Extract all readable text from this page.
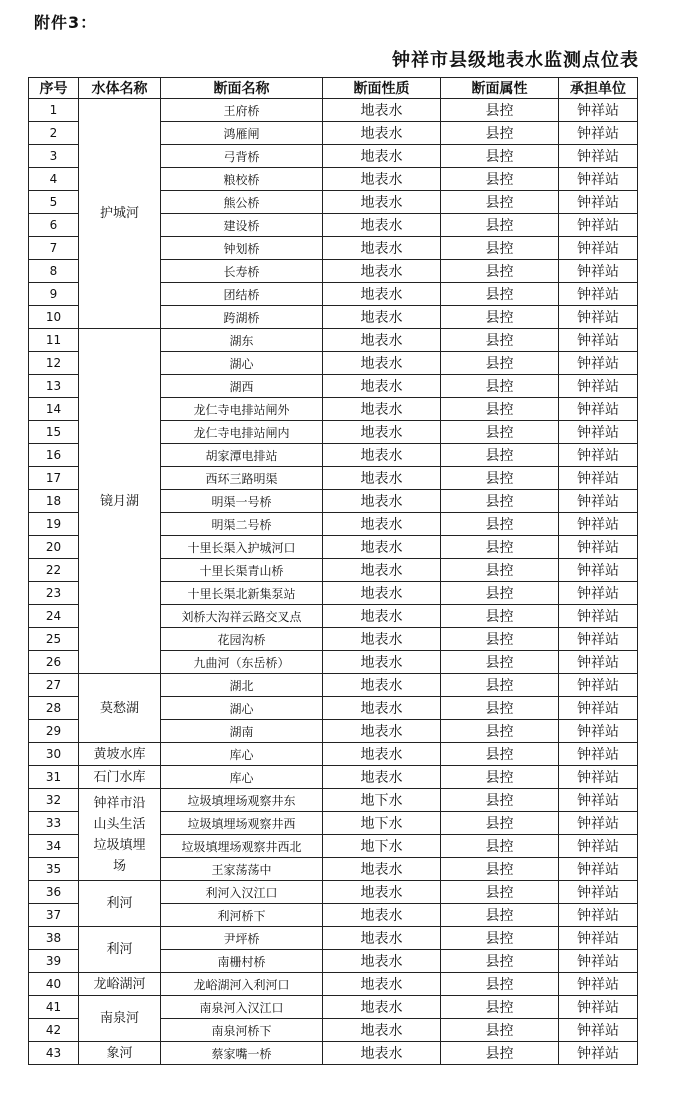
附件3：
钟祥市县级地表水监测点位表
序号	水体名称	断面名称	断面性质	断面属性	承担单位
1	护城河	王府桥	地表水	县控	钟祥站
2		鸿雁闸	地表水	县控	钟祥站
3		弓背桥	地表水	县控	钟祥站
4		粮校桥	地表水	县控	钟祥站
5		熊公桥	地表水	县控	钟祥站
6		建设桥	地表水	县控	钟祥站
7		钟划桥	地表水	县控	钟祥站
8		长寿桥	地表水	县控	钟祥站
9		团结桥	地表水	县控	钟祥站
10		跨湖桥	地表水	县控	钟祥站
11	镜月湖	湖东	地表水	县控	钟祥站
12		湖心	地表水	县控	钟祥站
13		湖西	地表水	县控	钟祥站
14		龙仁寺电排站闸外	地表水	县控	钟祥站
15		龙仁寺电排站闸内	地表水	县控	钟祥站
16		胡家潭电排站	地表水	县控	钟祥站
17		西环三路明渠	地表水	县控	钟祥站
18		明渠一号桥	地表水	县控	钟祥站
19		明渠二号桥	地表水	县控	钟祥站
20		十里长渠入护城河口	地表水	县控	钟祥站
22		十里长渠青山桥	地表水	县控	钟祥站
23		十里长渠北新集泵站	地表水	县控	钟祥站
24		刘桥大沟祥云路交叉点	地表水	县控	钟祥站
25		花园沟桥	地表水	县控	钟祥站
26		九曲河（东岳桥）	地表水	县控	钟祥站
27	莫愁湖	湖北	地表水	县控	钟祥站
28		湖心	地表水	县控	钟祥站
29		湖南	地表水	县控	钟祥站
30	黄坡水库	库心	地表水	县控	钟祥站
31	石门水库	库心	地表水	县控	钟祥站
32	钟祥市沿山头生活垃圾填埋场	垃圾填埋场观察井东	地下水	县控	钟祥站
33		垃圾填埋场观察井西	地下水	县控	钟祥站
34		垃圾填埋场观察井西北	地下水	县控	钟祥站
35		王家荡荡中	地表水	县控	钟祥站
36	利河	利河入汉江口	地表水	县控	钟祥站
37		利河桥下	地表水	县控	钟祥站
38	利河	尹坪桥	地表水	县控	钟祥站
39		南栅村桥	地表水	县控	钟祥站
40	龙峪湖河	龙峪湖河入利河口	地表水	县控	钟祥站
41	南泉河	南泉河入汉江口	地表水	县控	钟祥站
42		南泉河桥下	地表水	县控	钟祥站
43	象河	蔡家嘴一桥	地表水	县控	钟祥站
